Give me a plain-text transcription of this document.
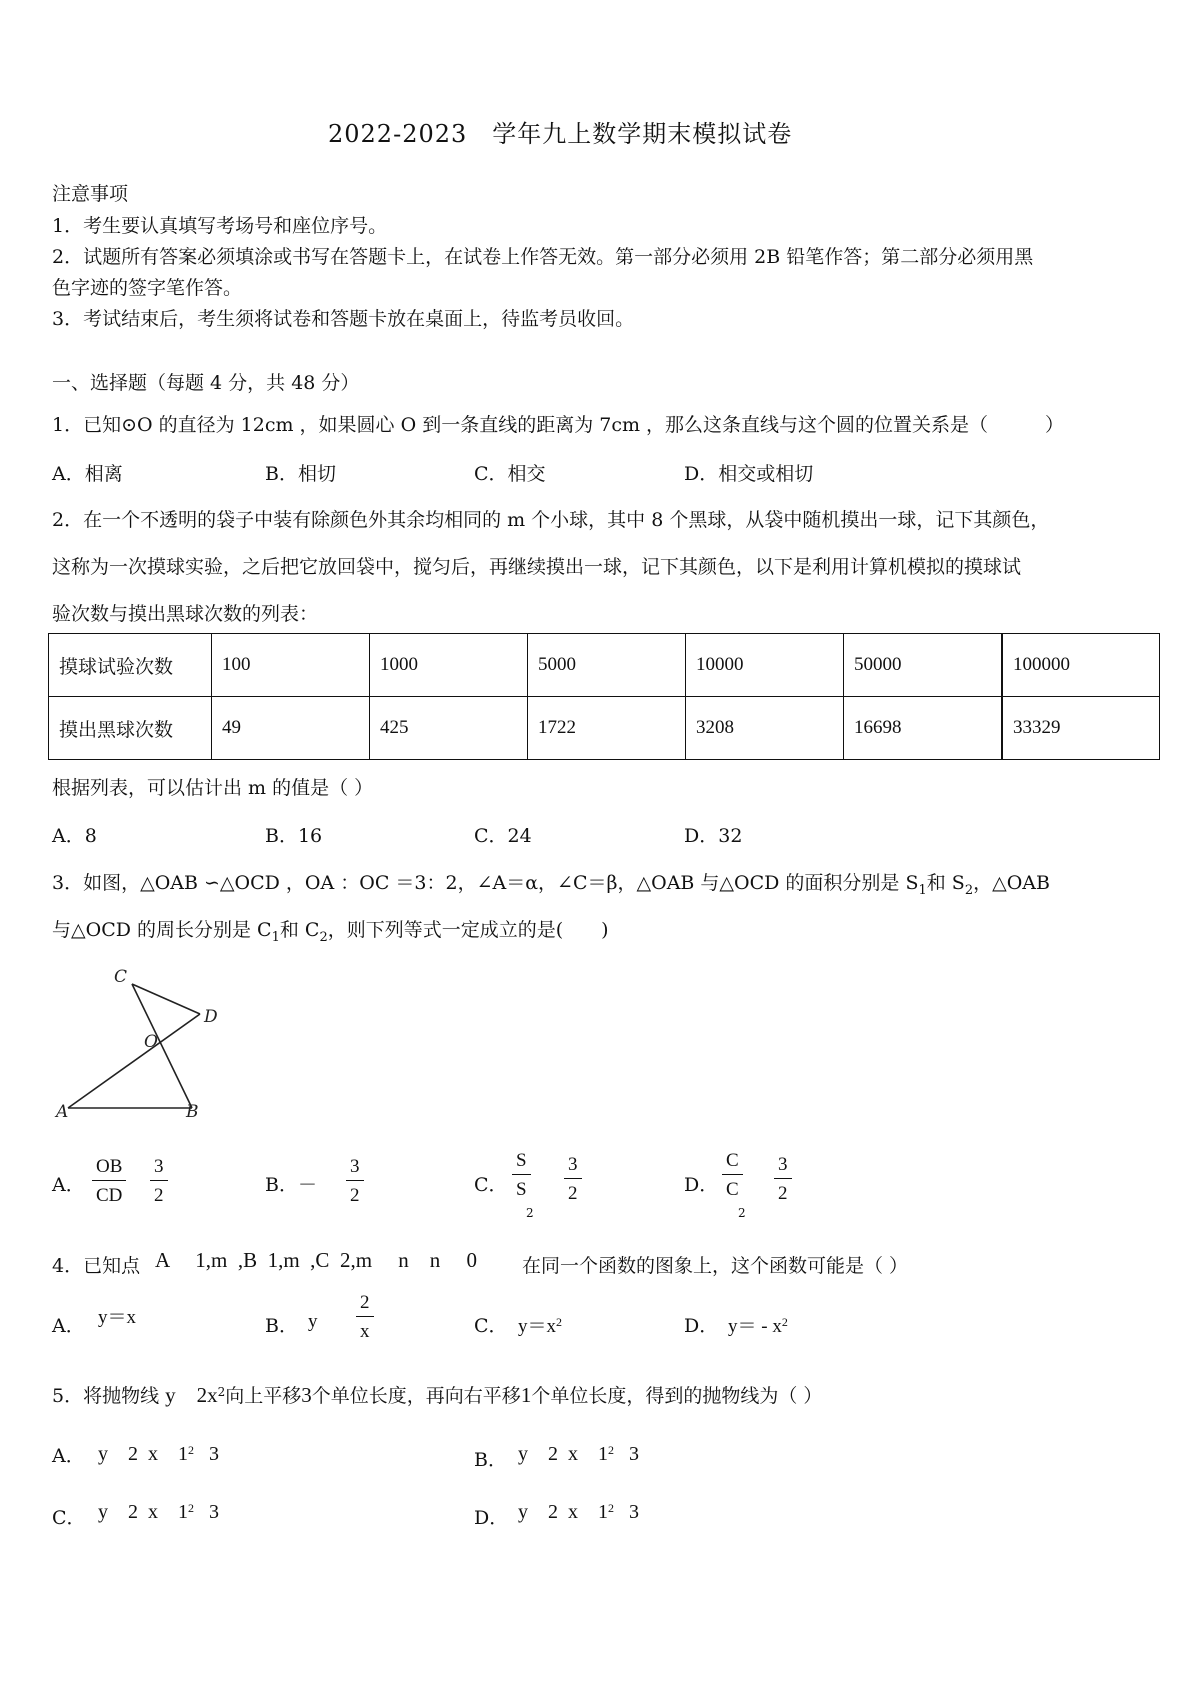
2022-2023　学年九上数学期末模拟试卷
注意事项
1．考生要认真填写考场号和座位序号。
2．试题所有答案必须填涂或书写在答题卡上，在试卷上作答无效。第一部分必须用 2B 铅笔作答；第二部分必须用黑
色字迹的签字笔作答。
3．考试结束后，考生须将试卷和答题卡放在桌面上，待监考员收回。
一、选择题（每题 4 分，共 48 分）
1．已知⊙O 的直径为 12cm ，如果圆心 O 到一条直线的距离为 7cm ，那么这条直线与这个圆的位置关系是（　　　）
A．相离	B．相切	C．相交	D．相交或相切
2．在一个不透明的袋子中装有除颜色外其余均相同的 m 个小球，其中 8 个黑球，从袋中随机摸出一球，记下其颜色，
这称为一次摸球实验，之后把它放回袋中，搅匀后，再继续摸出一球，记下其颜色，以下是利用计算机模拟的摸球试
验次数与摸出黑球次数的列表：
摸球试验次数	100	1000	5000	10000	50000	100000
摸出黑球次数	49	425	1722	3208	16698	33329
根据列表，可以估计出 m 的值是（ ）
A．8	B．16	C．24	D．32
3．如图，△OAB ∽△OCD ，OA ：OC ＝3：2，∠A＝α，∠C＝β，△OAB 与△OCD 的面积分别是 $S_1$和 $S_2$，△OAB
与△OCD 的周长分别是 $C_1$和 $C_2$，则下列等式一定成立的是(　　)
C
D
O
A	B
A． $\frac{OB}{CD} \frac{3}{2}$	B．－ $\frac{3}{2}$	C． $\frac{S}{S}$
2
$\frac{3}{2}$	D． $\frac{C}{C}$
2
$\frac{3}{2}$
4．已知点 A　 1,m  ,B  1,m  ,C  2,m　 n　n　 0 在同一个函数的图象上，这个函数可能是（ ）
A． y＝x	B． y $\frac{2}{x}$	C． $y=x^2$	D． $y= - x^2$
5．将抛物线 y　$2x^2$向上平移3个单位长度，再向右平移1个单位长度，得到的抛物线为（ ）
A． y　2  x　$1^2$ 3	B． y　2  x　$1^2$ 3
C． y　2  x　$1^2$ 3	D． y　2  x　$1^2$ 3
